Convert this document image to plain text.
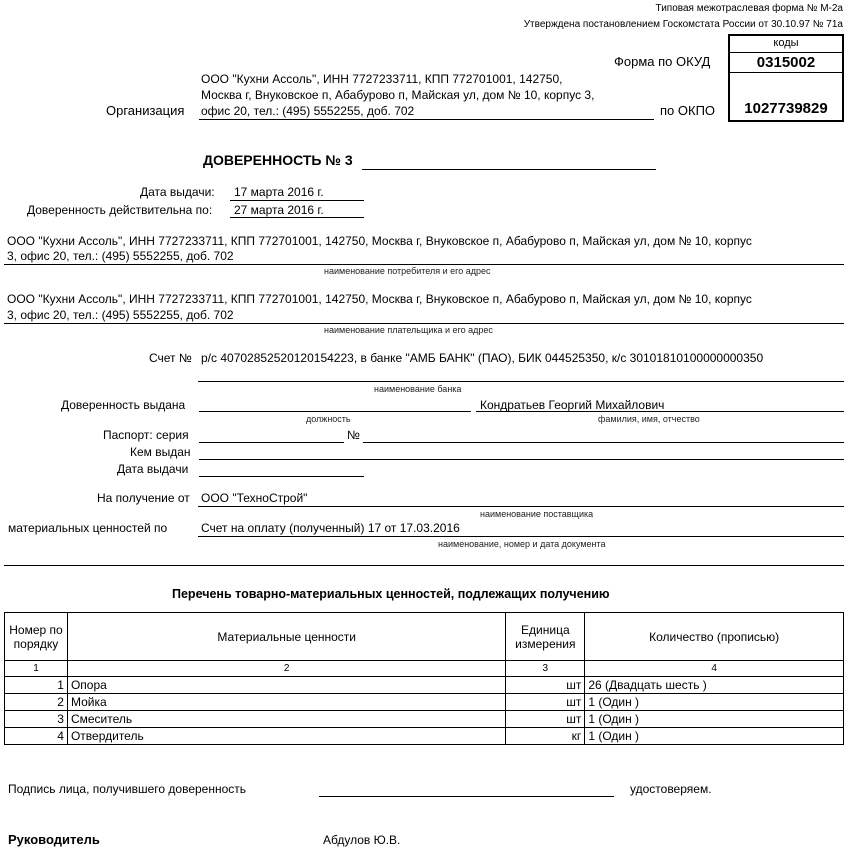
Типовая межотраслевая форма № М-2а
Утверждена постановлением Госкомстата России от 30.10.97 № 71а
Форма по ОКУД
по ОКПО
коды
0315002
1027739829
ООО "Кухни Ассоль", ИНН 7727233711, КПП 772701001, 142750,
Москва г, Внуковское п, Абабурово п, Майская ул, дом № 10, корпус 3,
Организация офис 20, тел.: (495) 5552255, доб. 702
ДОВЕРЕННОСТЬ № 3
Дата выдачи: 17 марта 2016 г.
Доверенность действительна по: 27 марта 2016 г.
ООО "Кухни Ассоль", ИНН 7727233711, КПП 772701001, 142750, Москва г, Внуковское п, Абабурово п, Майская ул, дом № 10, корпус
3, офис 20, тел.: (495) 5552255, доб. 702
наименование потребителя и его адрес
ООО "Кухни Ассоль", ИНН 7727233711, КПП 772701001, 142750, Москва г, Внуковское п, Абабурово п, Майская ул, дом № 10, корпус
3, офис 20, тел.: (495) 5552255, доб. 702
наименование плательщика и его адрес
Счет № р/с 40702852520120154223, в банке "АМБ БАНК" (ПАО), БИК 044525350, к/с 30101810100000000350
наименование банка
Доверенность выдана	Кондратьев Георгий Михайлович
должность	фамилия, имя, отчество
Паспорт: серия	№
Кем выдан
Дата выдачи
На получение от ООО "ТехноСтрой"
наименование поставщика
материальных ценностей по	Счет на оплату (полученный) 17 от 17.03.2016
наименование, номер и дата документа
Перечень товарно-материальных ценностей, подлежащих получению
Номер по порядку	Материальные ценности	Единица измерения	Количество (прописью)
1	2	3	4
1	Опора	шт	26 (Двадцать шесть )
2	Мойка	шт	1 (Один )
3	Смеситель	шт	1 (Один )
4	Отвердитель	кг	1 (Один )
Подпись лица, получившего доверенность	удостоверяем.
Руководитель	Абдулов Ю.В.
